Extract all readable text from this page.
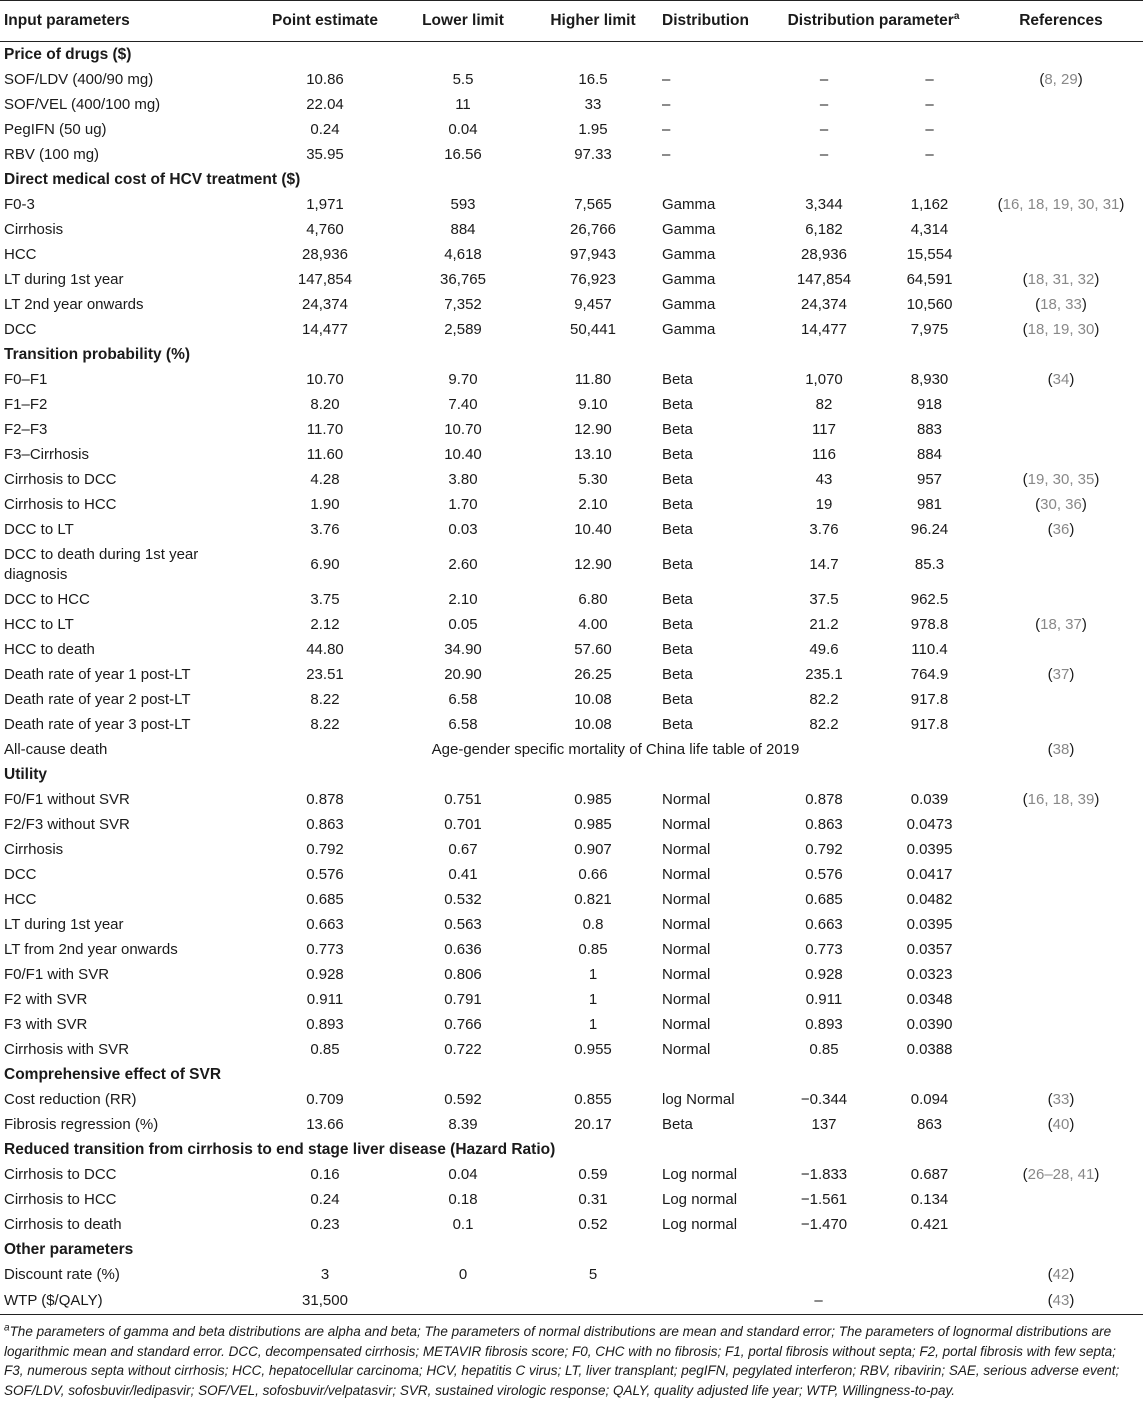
Input parameters	Point estimate	Lower limit	Higher limit	Distribution	Distribution parameter$^a$		References
Price of drugs ($)							
SOF/LDV (400/90 mg)	10.86	5.5	16.5	–	–	–	(8, 29)
SOF/VEL (400/100 mg)	22.04	11	33	–	–	–	
PegIFN (50 ug)	0.24	0.04	1.95	–	–	–	
RBV (100 mg)	35.95	16.56	97.33	–	–	–	
Direct medical cost of HCV treatment ($)							
F0-3	1,971	593	7,565	Gamma	3,344	1,162	(16, 18, 19, 30, 31)
Cirrhosis	4,760	884	26,766	Gamma	6,182	4,314	
HCC	28,936	4,618	97,943	Gamma	28,936	15,554	
LT during 1st year	147,854	36,765	76,923	Gamma	147,854	64,591	(18, 31, 32)
LT 2nd year onwards	24,374	7,352	9,457	Gamma	24,374	10,560	(18, 33)
DCC	14,477	2,589	50,441	Gamma	14,477	7,975	(18, 19, 30)
Transition probability (%)							
F0–F1	10.70	9.70	11.80	Beta	1,070	8,930	(34)
F1–F2	8.20	7.40	9.10	Beta	82	918	
F2–F3	11.70	10.70	12.90	Beta	117	883	
F3–Cirrhosis	11.60	10.40	13.10	Beta	116	884	
Cirrhosis to DCC	4.28	3.80	5.30	Beta	43	957	(19, 30, 35)
Cirrhosis to HCC	1.90	1.70	2.10	Beta	19	981	(30, 36)
DCC to LT	3.76	0.03	10.40	Beta	3.76	96.24	(36)
DCC to death during 1st year diagnosis	6.90	2.60	12.90	Beta	14.7	85.3	
DCC to HCC	3.75	2.10	6.80	Beta	37.5	962.5	
HCC to LT	2.12	0.05	4.00	Beta	21.2	978.8	(18, 37)
HCC to death	44.80	34.90	57.60	Beta	49.6	110.4	
Death rate of year 1 post-LT	23.51	20.90	26.25	Beta	235.1	764.9	(37)
Death rate of year 2 post-LT	8.22	6.58	10.08	Beta	82.2	917.8	
Death rate of year 3 post-LT	8.22	6.58	10.08	Beta	82.2	917.8	
All-cause death	Age-gender specific mortality of China life table of 2019						(38)
Utility							
F0/F1 without SVR	0.878	0.751	0.985	Normal	0.878	0.039	(16, 18, 39)
F2/F3 without SVR	0.863	0.701	0.985	Normal	0.863	0.0473	
Cirrhosis	0.792	0.67	0.907	Normal	0.792	0.0395	
DCC	0.576	0.41	0.66	Normal	0.576	0.0417	
HCC	0.685	0.532	0.821	Normal	0.685	0.0482	
LT during 1st year	0.663	0.563	0.8	Normal	0.663	0.0395	
LT from 2nd year onwards	0.773	0.636	0.85	Normal	0.773	0.0357	
F0/F1 with SVR	0.928	0.806	1	Normal	0.928	0.0323	
F2 with SVR	0.911	0.791	1	Normal	0.911	0.0348	
F3 with SVR	0.893	0.766	1	Normal	0.893	0.0390	
Cirrhosis with SVR	0.85	0.722	0.955	Normal	0.85	0.0388	
Comprehensive effect of SVR							
Cost reduction (RR)	0.709	0.592	0.855	log Normal	−0.344	0.094	(33)
Fibrosis regression (%)	13.66	8.39	20.17	Beta	137	863	(40)
Reduced transition from cirrhosis to end stage liver disease (Hazard Ratio)							
Cirrhosis to DCC	0.16	0.04	0.59	Log normal	−1.833	0.687	(26–28, 41)
Cirrhosis to HCC	0.24	0.18	0.31	Log normal	−1.561	0.134	
Cirrhosis to death	0.23	0.1	0.52	Log normal	−1.470	0.421	
Other parameters							
Discount rate (%)	3	0	5				(42)
WTP ($/QALY)	31,500			–			(43)
$^a$The parameters of gamma and beta distributions are alpha and beta; The parameters of normal distributions are mean and standard error; The parameters of lognormal distributions are logarithmic mean and standard error. DCC, decompensated cirrhosis; METAVIR fibrosis score; F0, CHC with no fibrosis; F1, portal fibrosis without septa; F2, portal fibrosis with few septa; F3, numerous septa without cirrhosis; HCC, hepatocellular carcinoma; HCV, hepatitis C virus; LT, liver transplant; pegIFN, pegylated interferon; RBV, ribavirin; SAE, serious adverse event; SOF/LDV, sofosbuvir/ledipasvir; SOF/VEL, sofosbuvir/velpatasvir; SVR, sustained virologic response; QALY, quality adjusted life year; WTP, Willingness-to-pay.
